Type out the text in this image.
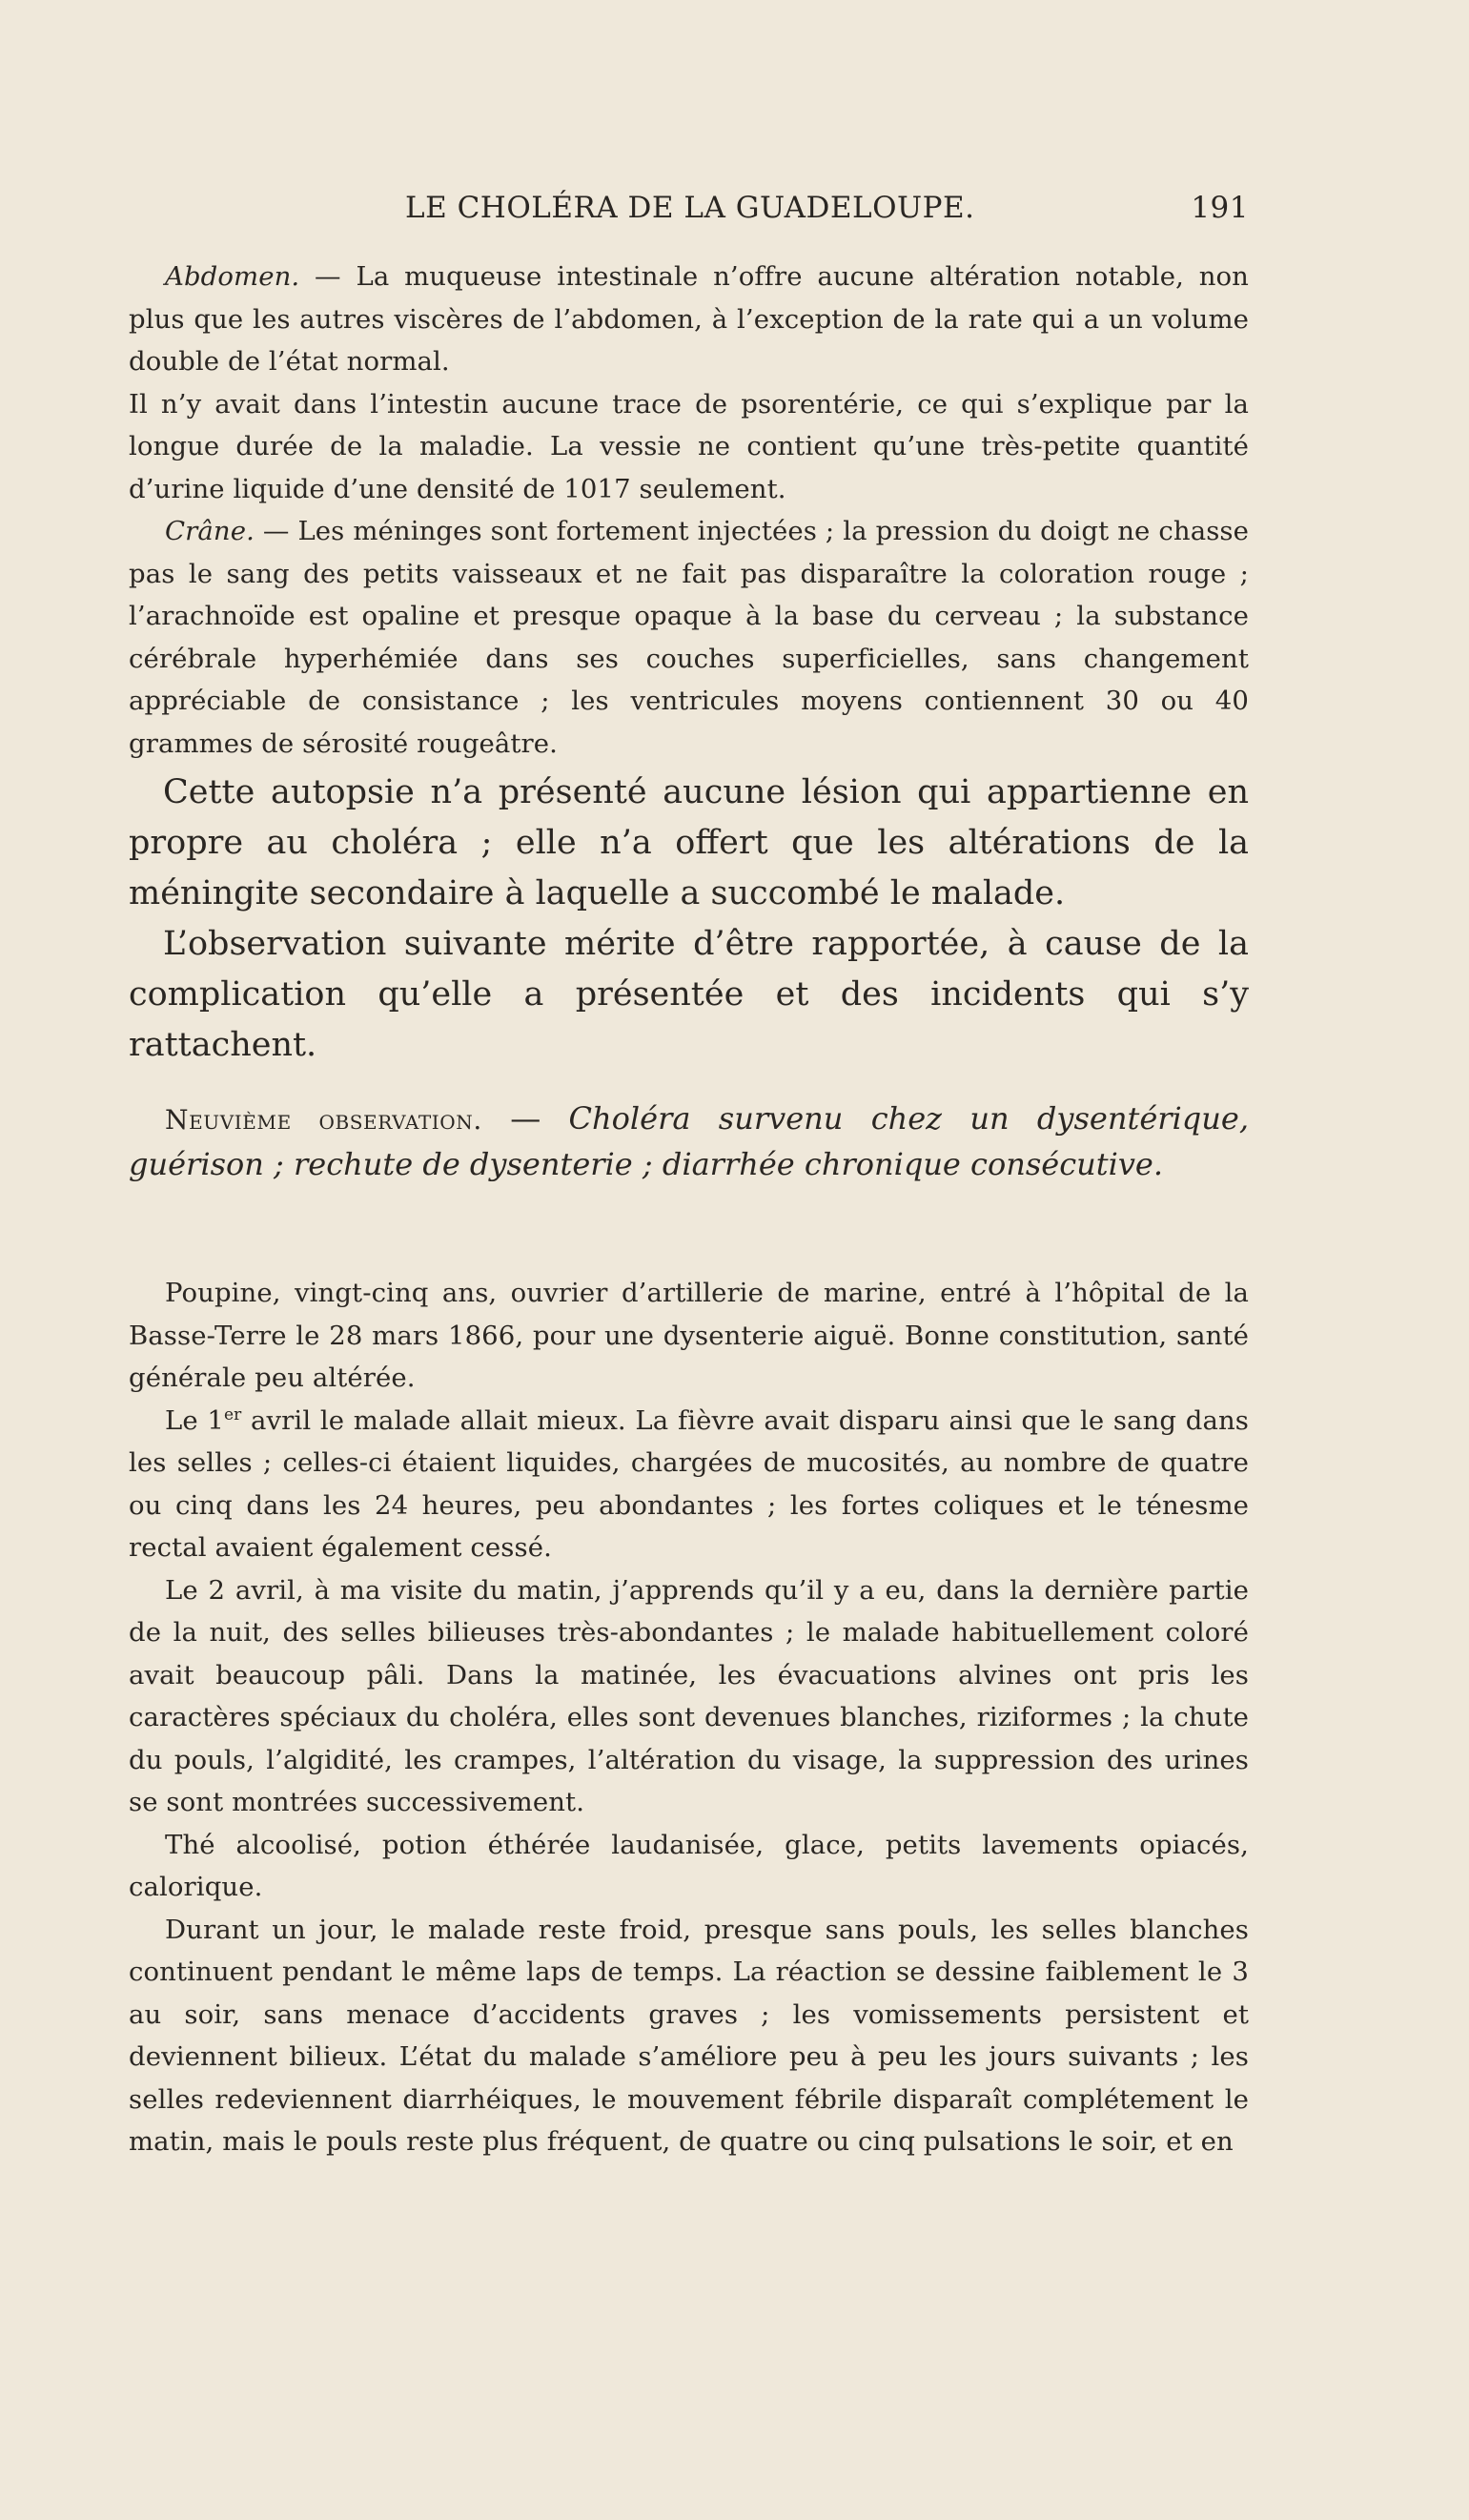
LE CHOLÉRA DE LA GUADELOUPE.	191

Abdomen. — La muqueuse intestinale n’offre aucune altération notable, non plus que les autres viscères de l’abdomen, à l’exception de la rate qui a un volume double de l’état normal.

Il n’y avait dans l’intestin aucune trace de psorentérie, ce qui s’explique par la longue durée de la maladie. La vessie ne contient qu’une très-petite quantité d’urine liquide d’une densité de 1017 seulement.

Crâne. — Les méninges sont fortement injectées ; la pression du doigt ne chasse pas le sang des petits vaisseaux et ne fait pas disparaître la coloration rouge ; l’arachnoïde est opaline et presque opaque à la base du cerveau ; la substance cérébrale hyperhémiée dans ses couches superficielles, sans changement appréciable de consistance ; les ventricules moyens contiennent 30 ou 40 grammes de sérosité rougeâtre.

Cette autopsie n’a présenté aucune lésion qui appartienne en propre au choléra ; elle n’a offert que les altérations de la méningite secondaire à laquelle a succombé le malade.

L’observation suivante mérite d’être rapportée, à cause de la complication qu’elle a présentée et des incidents qui s’y rattachent.

Neuvième observation. — Choléra survenu chez un dysentérique, guérison ; rechute de dysenterie ; diarrhée chronique consécutive.

Poupine, vingt-cinq ans, ouvrier d’artillerie de marine, entré à l’hôpital de la Basse-Terre le 28 mars 1866, pour une dysenterie aiguë. Bonne constitution, santé générale peu altérée.

Le 1er avril le malade allait mieux. La fièvre avait disparu ainsi que le sang dans les selles ; celles-ci étaient liquides, chargées de mucosités, au nombre de quatre ou cinq dans les 24 heures, peu abondantes ; les fortes coliques et le ténesme rectal avaient également cessé.

Le 2 avril, à ma visite du matin, j’apprends qu’il y a eu, dans la dernière partie de la nuit, des selles bilieuses très-abondantes ; le malade habituellement coloré avait beaucoup pâli. Dans la matinée, les évacuations alvines ont pris les caractères spéciaux du choléra, elles sont devenues blanches, riziformes ; la chute du pouls, l’algidité, les crampes, l’altération du visage, la suppression des urines se sont montrées successivement.

Thé alcoolisé, potion éthérée laudanisée, glace, petits lavements opiacés, calorique.

Durant un jour, le malade reste froid, presque sans pouls, les selles blanches continuent pendant le même laps de temps. La réaction se dessine faiblement le 3 au soir, sans menace d’accidents graves ; les vomissements persistent et deviennent bilieux. L’état du malade s’améliore peu à peu les jours suivants ; les selles redeviennent diarrhéiques, le mouvement fébrile disparaît complétement le matin, mais le pouls reste plus fréquent, de quatre ou cinq pulsations le soir, et en
